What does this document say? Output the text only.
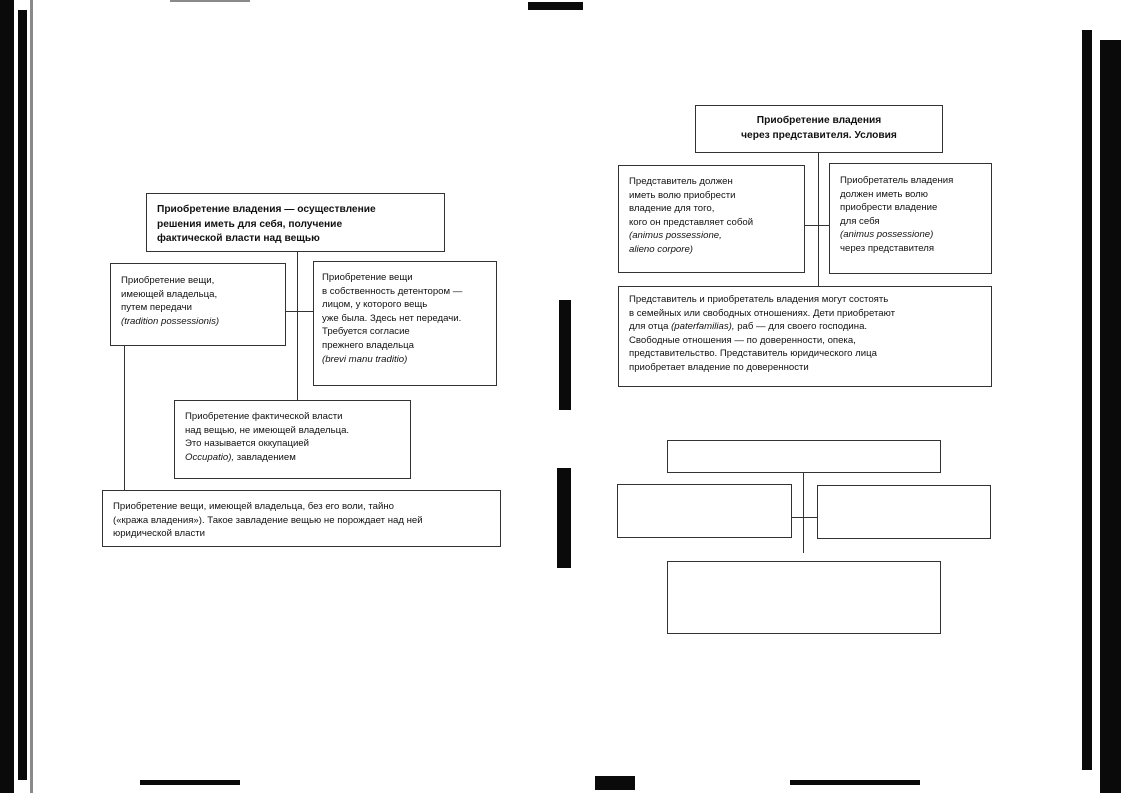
Приобретение владения — осуществление
решения иметь для себя, получение
фактической власти над вещью
Приобретение вещи,
имеющей владельца,
путем передачи
(tradition possessionis)
Приобретение вещи
в собственность детентором —
лицом, у которого вещь
уже была. Здесь нет передачи.
Требуется согласие
прежнего владельца
(brevi manu traditio)
Приобретение фактической власти
над вещью, не имеющей владельца.
Это называется оккупацией
Occupatio), завладением
Приобретение вещи, имеющей владельца, без его воли, тайно
(«кража владения»). Такое завладение вещью не порождает над ней
юридической власти
Приобретение владения
через представителя. Условия
Представитель должен
иметь волю приобрести
владение для того,
кого он представляет собой
(animus possessione,
alieno corpore)
Приобретатель владения
должен иметь волю
приобрести владение
для себя
(animus possessione)
через представителя
Представитель и приобретатель владения могут состоять
в семейных или свободных отношениях. Дети приобретают
для отца (paterfamilias), раб — для своего господина.
Свободные отношения — по доверенности, опека,
представительство. Представитель юридического лица
приобретает владение по доверенности
